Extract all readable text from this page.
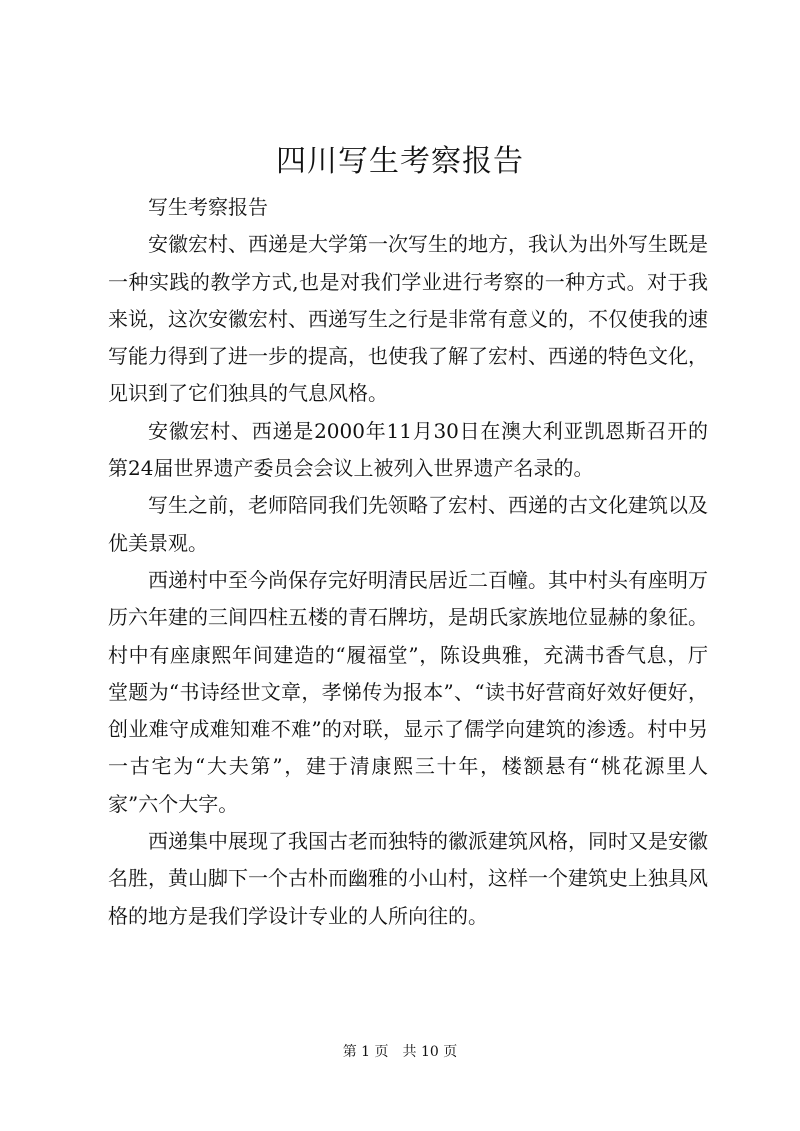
四川写生考察报告

写生考察报告

安徽宏村、西递是大学第一次写生的地方，我认为出外写生既是一种实践的教学方式,也是对我们学业进行考察的一种方式。对于我来说，这次安徽宏村、西递写生之行是非常有意义的，不仅使我的速写能力得到了进一步的提高，也使我了解了宏村、西递的特色文化，见识到了它们独具的气息风格。

安徽宏村、西递是2000年11月30日在澳大利亚凯恩斯召开的第24届世界遗产委员会会议上被列入世界遗产名录的。

写生之前，老师陪同我们先领略了宏村、西递的古文化建筑以及优美景观。

西递村中至今尚保存完好明清民居近二百幢。其中村头有座明万历六年建的三间四柱五楼的青石牌坊，是胡氏家族地位显赫的象征。村中有座康熙年间建造的“履福堂”，陈设典雅，充满书香气息，厅堂题为“书诗经世文章，孝悌传为报本”、“读书好营商好效好便好，创业难守成难知难不难”的对联，显示了儒学向建筑的渗透。村中另一古宅为“大夫第”，建于清康熙三十年，楼额悬有“桃花源里人家”六个大字。

西递集中展现了我国古老而独特的徽派建筑风格，同时又是安徽名胜，黄山脚下一个古朴而幽雅的小山村，这样一个建筑史上独具风格的地方是我们学设计专业的人所向往的。

第 1 页 共 10 页
